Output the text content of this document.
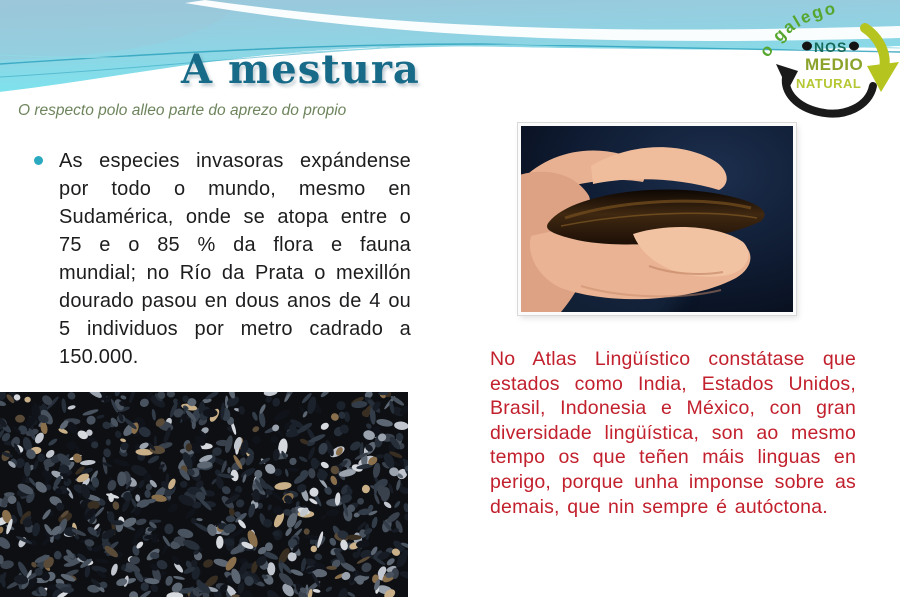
o galego
NOS
MEDIO
NATURAL
A mestura

O respecto polo alleo parte do aprezo do propio

As especies invasoras expándense por todo o mundo, mesmo en Sudamérica, onde se atopa entre o 75 e o 85 % da flora e fauna mundial; no Río da Prata o mexillón dourado pasou en dous anos de 4 ou 5 individuos por metro cadrado a 150.000.	No Atlas Lingüístico constátase que estados como India, Estados Unidos, Brasil, Indonesia e México, con gran diversidade lingüística, son ao mesmo tempo os que teñen máis linguas en perigo, porque unha imponse sobre as demais, que nin sempre é autóctona.
